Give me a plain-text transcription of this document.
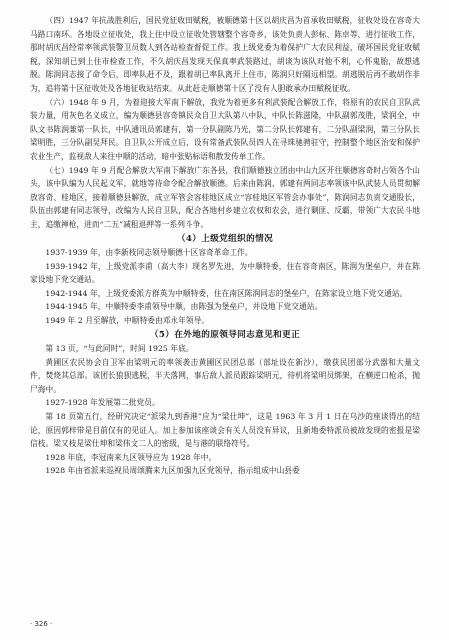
（四）1947 年抗战胜利后，国民党征收田赋税，被顺德第十区以胡庆昌为首承收田赋税，征收处设在容奇大马路口南环。各地设立征收处，我上住中设立征收处管辖整个容奇乡，该处负责人彭标、陈卓等，进行征收工作，那时胡庆昌经常率领武装警卫员数人到各站检查督促工作。我上级党委为着保护广大农民利益，破坏国民党征收赋税，深知胡已到上住市检查工作，不久胡庆昌发现天保真率武装路过，胡谈为该队对他不利，心怀鬼胎，故想逃脱。陈润同志接了命令后，即率队赶不及，跟着胡已率队离开上住市，陈润只好隔远相望。胡逃脱后再不敢胡作非为，追将第十区征收处及各地征收站结束。从此赶走顺德第十区了没有人胆敢承办田赋税征收。

（六）1948 年 9 月，为着迎接大军南下解放，我党为着更多有利武装配合解放工作，将原有的农民自卫队武装力量，用灰色名义成立，编为顺德县容奇镇民众自卫大队第八中队，中队长陈滋隆，中队副郭茂胜，梁润全，中队文书陈润兼第一队长，中队通讯员郭建有，第一分队副陈乃光，第二分队长郭建有，二分队副梁润，第三分队长梁明胜，三分队副吴拜民。自卫队公开成立后，设有常备武装队员四人在寻珠驰骋驻守，控制整个地区治安和保护农业生产，监视敌人来往中顺的活动，暗中张贴标语和散发传单工作。

（七）1949 年 9 月配合解放大军南下解放广东各县，我们顺德独立团由中山九区开往顺德容奇时占领各个山头，该中队编为人民起义军，就地等待命令配合解放顺德。后来由陈润、郭建有两同志率领该中队武装人员贯彻解放容奇、桂地区，接着顺德县解放，成立军管会容桂地区成立“容桂地区军管会办事处”，陈润同志负责交通股长，队伍由郭建有同志领导，改编为人民自卫队，配合各地村乡建立农权和农会，进行剿匪、反霸，带领广大农民斗地主，追缴禅枪，进而“二五”减租退押等一系列斗争。

（4）上级党组织的情况

1937-1939 年，由李新枝同志领导顺德十区容奇革命工作。

1939-1942 年，上级党派李甫（高大李）现名罗先进，为中顺特委，住在容奇南区，陈润为堡垒户，并在陈家设地下党交通站。

1942-1944 年，上级党委派方群英为中顺特委，住在南区陈润同志的堡垒户，在陈家设立地下党交通站。

1944-1945 年，中顺特委李甫领导中顺，由陈强为堡垒户，并设地下党交通站。

1949 年 2 月至解放，中顺特委由邓永年领导。

（5）在外地的原领导同志意见和更正

第 13 页，“与此同时”，时间 1925 年底。

黄圃区农民协会自卫军由梁明元的率领袭击黄圃区民团总部（部址设在新沙），缴获民团部分武器和大量文件，焚烧其总部。该团长狼狈逃脱，半夫落网，事后敌人派员跟踪梁明元，待机将梁明员绑架，在横逆口枪杀，抛尸海中。

1927-1928 年发展第二批党员。

第 18 页第五行，经研究决定“派梁九到香港”应为“梁仕坤”，这是 1963 年 3 月 1 日在乌沙的座谈得出的结论，原因郭梓带是目前仅有的见证人。加上参加该座谈会有关人员没有异议，且新地委特派员被故发现的密报是梁信枝。梁又枝是梁仕坤和梁伟文二人的密级，是与港的联络符号。

1928 年底，李冠南来九区领导应为 1928 年中。

1928 年由省派来巡视员周颂腾来九区加强九区党领导，指示组成中山县委

· 326 ·
